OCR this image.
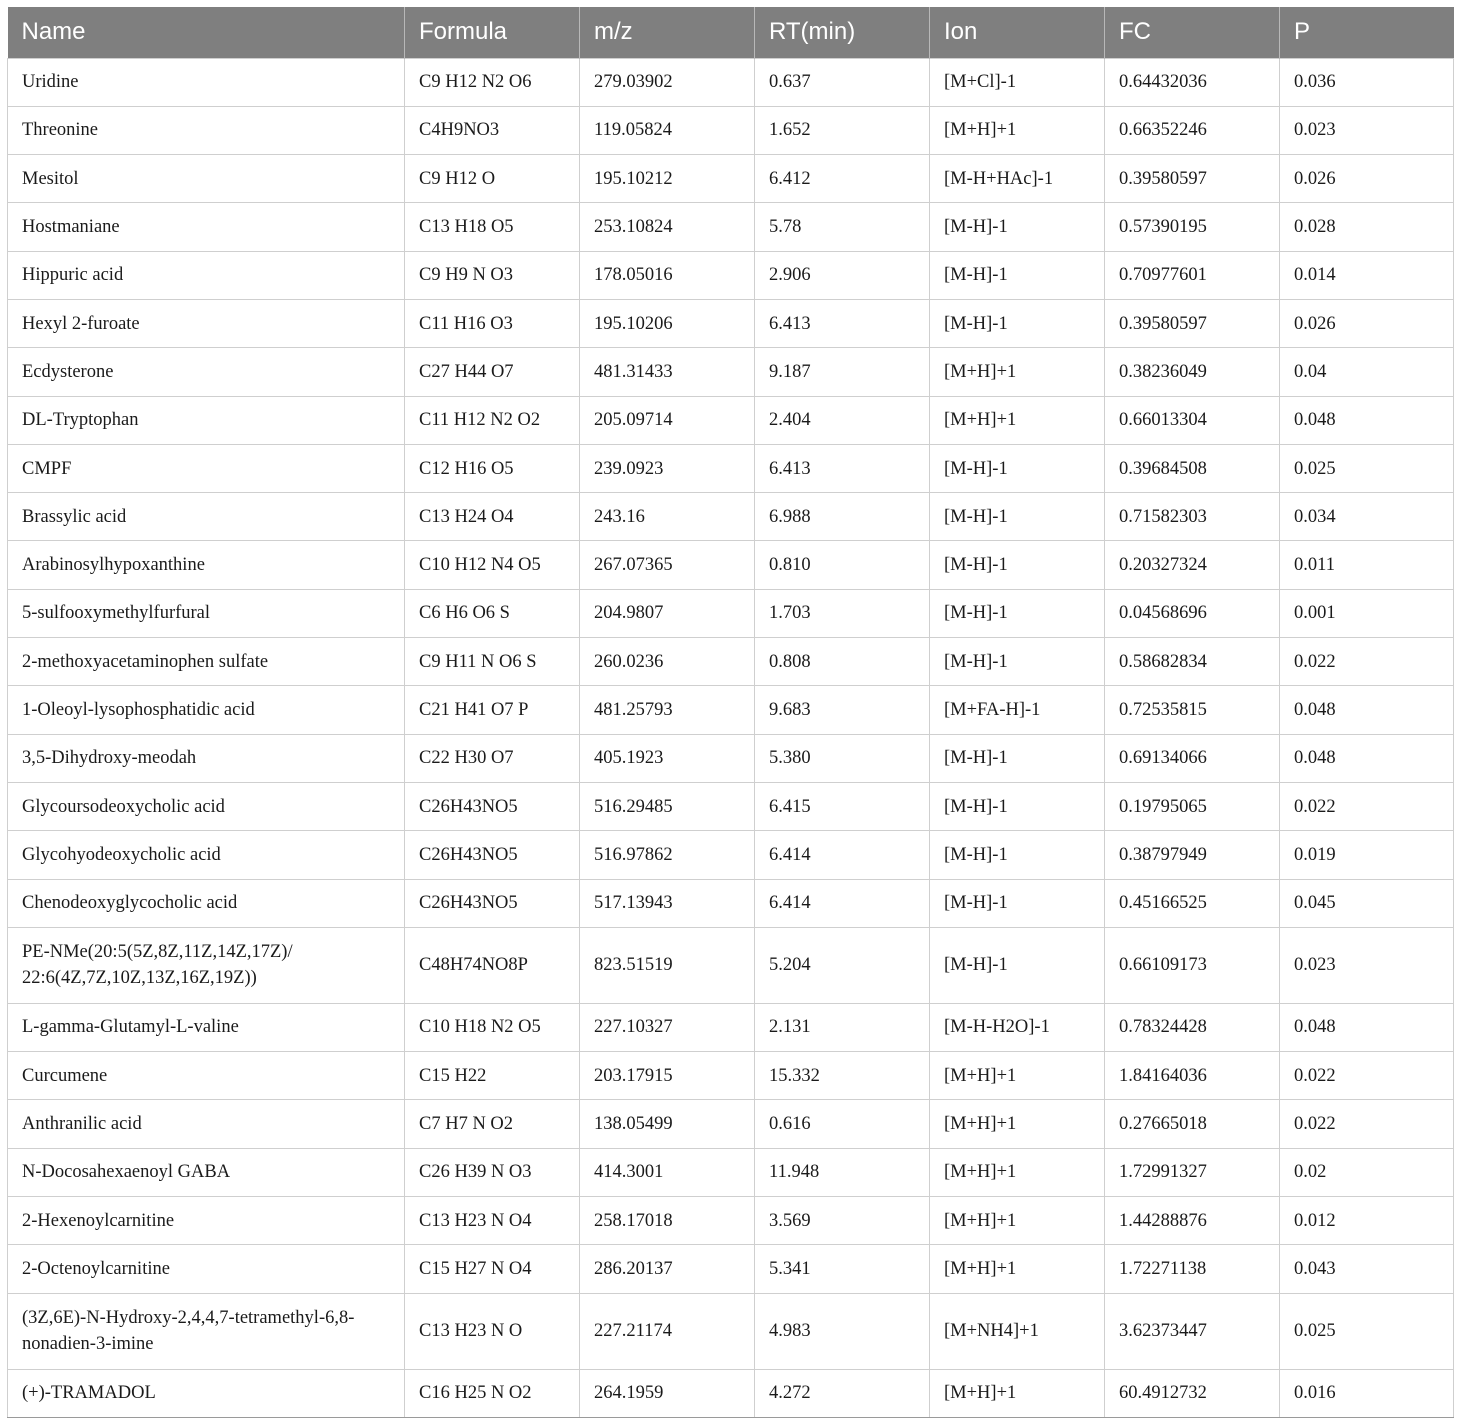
Name	Formula	m/z	RT(min)	Ion	FC	P

Uridine	C9 H12 N2 O6	279.03902	0.637	[M+Cl]-1	0.64432036	0.036

Threonine	C4H9NO3	119.05824	1.652	[M+H]+1	0.66352246	0.023

Mesitol	C9 H12 O	195.10212	6.412	[M-H+HAc]-1	0.39580597	0.026

Hostmaniane	C13 H18 O5	253.10824	5.78	[M-H]-1	0.57390195	0.028

Hippuric acid	C9 H9 N O3	178.05016	2.906	[M-H]-1	0.70977601	0.014

Hexyl 2-furoate	C11 H16 O3	195.10206	6.413	[M-H]-1	0.39580597	0.026

Ecdysterone	C27 H44 O7	481.31433	9.187	[M+H]+1	0.38236049	0.04

DL-Tryptophan	C11 H12 N2 O2	205.09714	2.404	[M+H]+1	0.66013304	0.048

CMPF	C12 H16 O5	239.0923	6.413	[M-H]-1	0.39684508	0.025

Brassylic acid	C13 H24 O4	243.16	6.988	[M-H]-1	0.71582303	0.034

Arabinosylhypoxanthine	C10 H12 N4 O5	267.07365	0.810	[M-H]-1	0.20327324	0.011

5-sulfooxymethylfurfural	C6 H6 O6 S	204.9807	1.703	[M-H]-1	0.04568696	0.001

2-methoxyacetaminophen sulfate	C9 H11 N O6 S	260.0236	0.808	[M-H]-1	0.58682834	0.022

1-Oleoyl-lysophosphatidic acid	C21 H41 O7 P	481.25793	9.683	[M+FA-H]-1	0.72535815	0.048

3,5-Dihydroxy-meodah	C22 H30 O7	405.1923	5.380	[M-H]-1	0.69134066	0.048

Glycoursodeoxycholic acid	C26H43NO5	516.29485	6.415	[M-H]-1	0.19795065	0.022

Glycohyodeoxycholic acid	C26H43NO5	516.97862	6.414	[M-H]-1	0.38797949	0.019

Chenodeoxyglycocholic acid	C26H43NO5	517.13943	6.414	[M-H]-1	0.45166525	0.045

PE-NMe(20:5(5Z,8Z,11Z,14Z,17Z)/
22:6(4Z,7Z,10Z,13Z,16Z,19Z))	C48H74NO8P	823.51519	5.204	[M-H]-1	0.66109173	0.023

L-gamma-Glutamyl-L-valine	C10 H18 N2 O5	227.10327	2.131	[M-H-H2O]-1	0.78324428	0.048

Curcumene	C15 H22	203.17915	15.332	[M+H]+1	1.84164036	0.022

Anthranilic acid	C7 H7 N O2	138.05499	0.616	[M+H]+1	0.27665018	0.022

N-Docosahexaenoyl GABA	C26 H39 N O3	414.3001	11.948	[M+H]+1	1.72991327	0.02

2-Hexenoylcarnitine	C13 H23 N O4	258.17018	3.569	[M+H]+1	1.44288876	0.012

2-Octenoylcarnitine	C15 H27 N O4	286.20137	5.341	[M+H]+1	1.72271138	0.043

(3Z,6E)-N-Hydroxy-2,4,4,7-tetramethyl-6,8-
nonadien-3-imine	C13 H23 N O	227.21174	4.983	[M+NH4]+1	3.62373447	0.025

(+)-TRAMADOL	C16 H25 N O2	264.1959	4.272	[M+H]+1	60.4912732	0.016
